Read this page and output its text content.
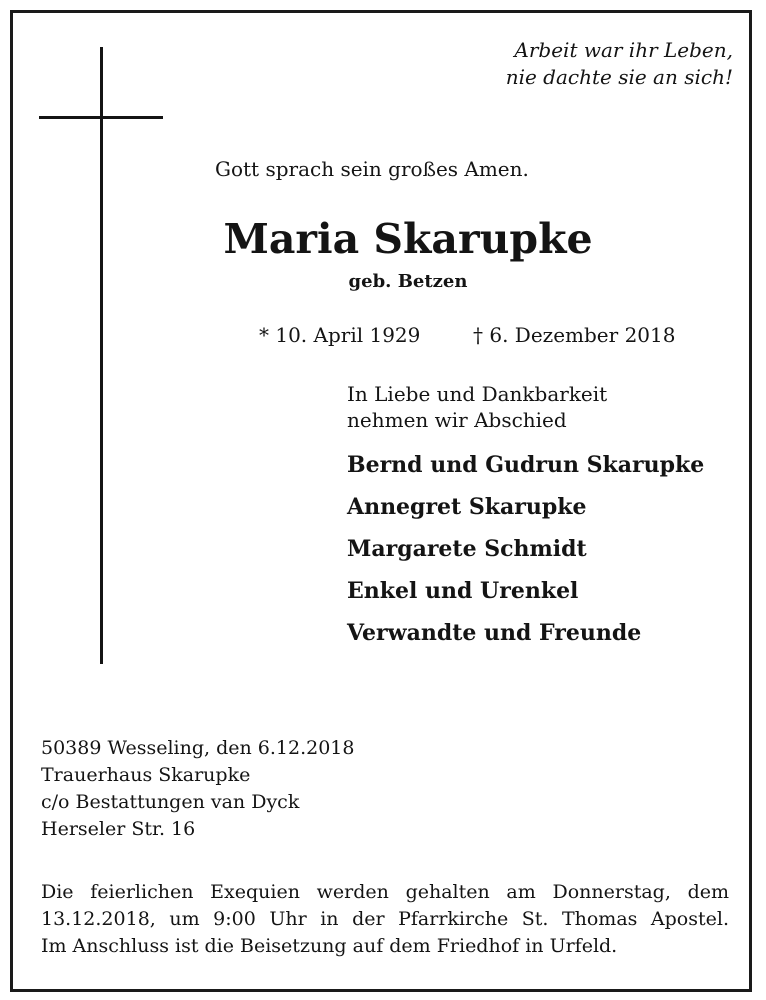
Arbeit war ihr Leben,
nie dachte sie an sich!
Gott sprach sein großes Amen.
Maria Skarupke
geb. Betzen
* 10. April 1929	† 6. Dezember 2018
In Liebe und Dankbarkeit
nehmen wir Abschied
Bernd und Gudrun Skarupke
Annegret Skarupke
Margarete Schmidt
Enkel und Urenkel
Verwandte und Freunde
50389 Wesseling, den 6.12.2018
Trauerhaus Skarupke
c/o Bestattungen van Dyck
Herseler Str. 16
Die feierlichen Exequien werden gehalten am Donnerstag, dem
13.12.2018, um 9:00 Uhr in der Pfarrkirche St. Thomas Apostel.
Im Anschluss ist die Beisetzung auf dem Friedhof in Urfeld.
